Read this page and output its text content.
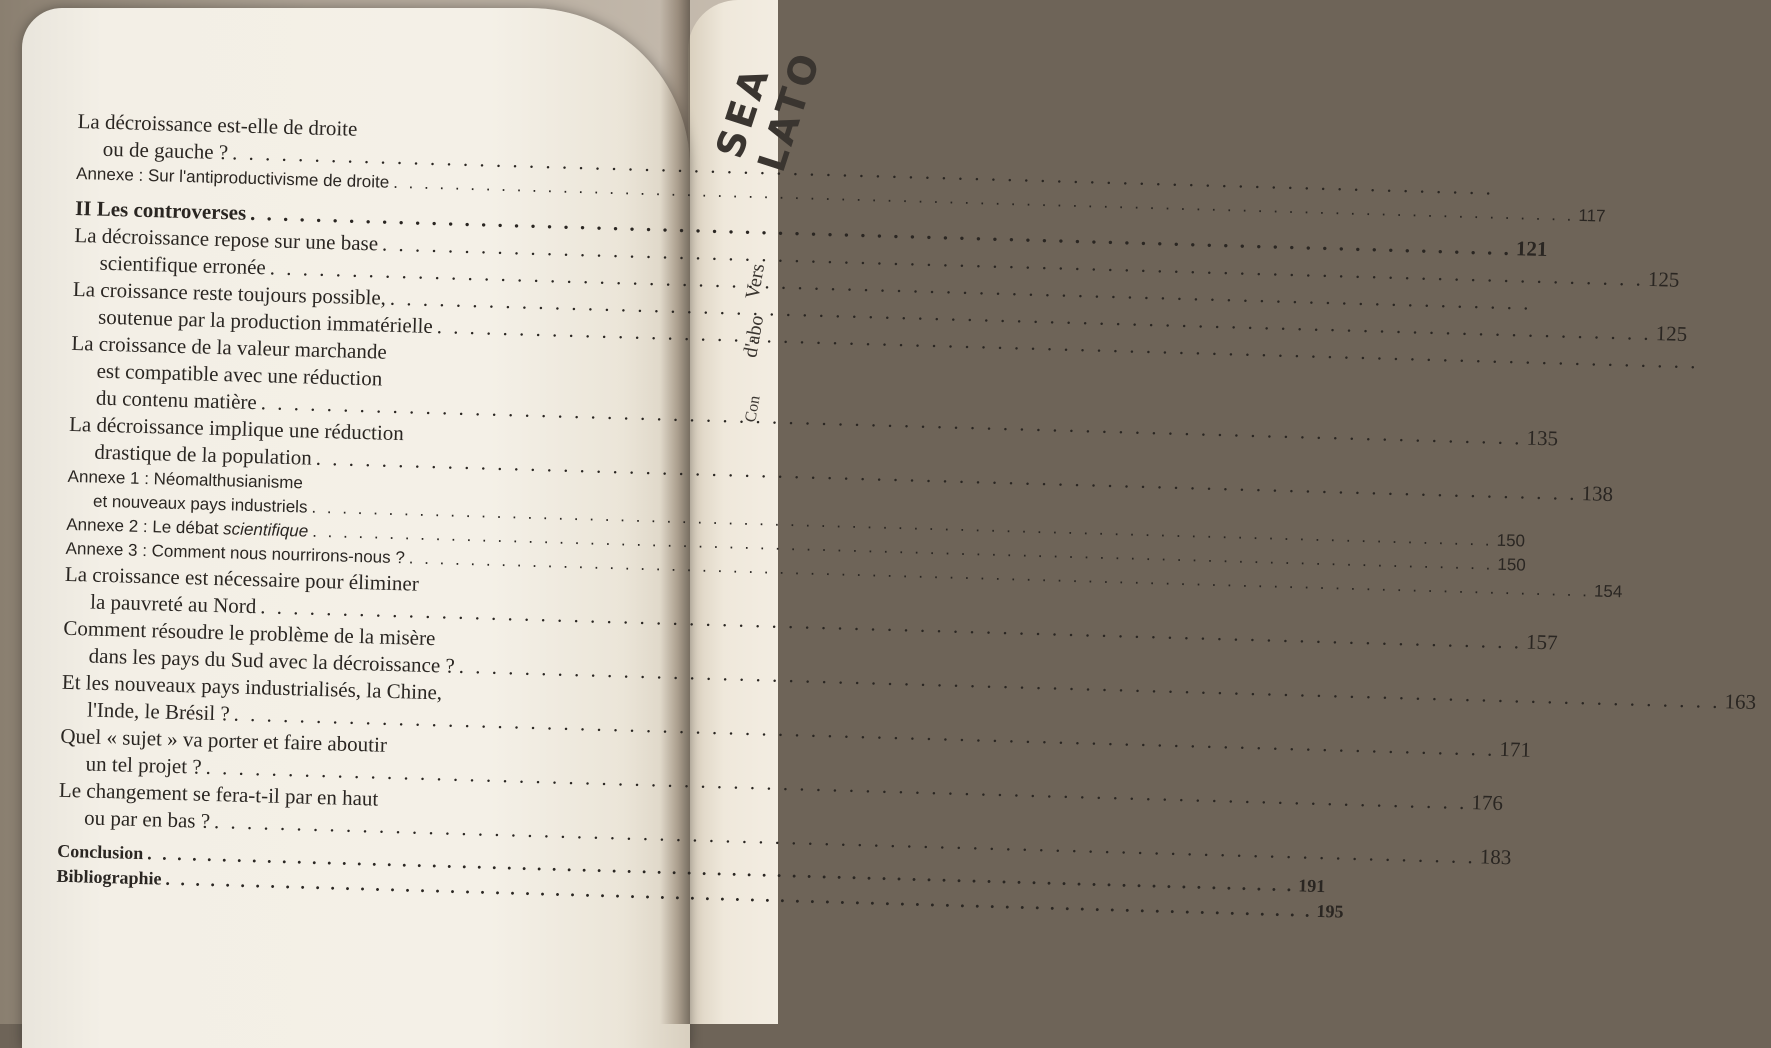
SEA LATO
Vers
d'abo
Con
La décroissance est-elle de droite
ou de gauche ?
. . .
Annexe : Sur l'antiproductivisme de droite
. . .
117
II Les controverses
. . .
121
La décroissance repose sur une base
. . .
125
scientifique erronée
. . .
La croissance reste toujours possible,
. . .
125
soutenue par la production immatérielle
. . .
La croissance de la valeur marchande
est compatible avec une réduction
du contenu matière
. . .
135
La décroissance implique une réduction
drastique de la population
. . .
138
Annexe 1 : Néomalthusianisme
et nouveaux pays industriels
. . .
150
Annexe 2 : Le débat scientifique
. . .
150
Annexe 3 : Comment nous nourrirons-nous ?
. . .
154
La croissance est nécessaire pour éliminer
la pauvreté au Nord
. . .
157
Comment résoudre le problème de la misère
dans les pays du Sud avec la décroissance ?
. . .
163
Et les nouveaux pays industrialisés, la Chine,
l'Inde, le Brésil ?
. . .
171
Quel « sujet » va porter et faire aboutir
un tel projet ?
. . .
176
Le changement se fera-t-il par en haut
ou par en bas ?
. . .
183
Conclusion
. . .
191
Bibliographie
. . .
195
